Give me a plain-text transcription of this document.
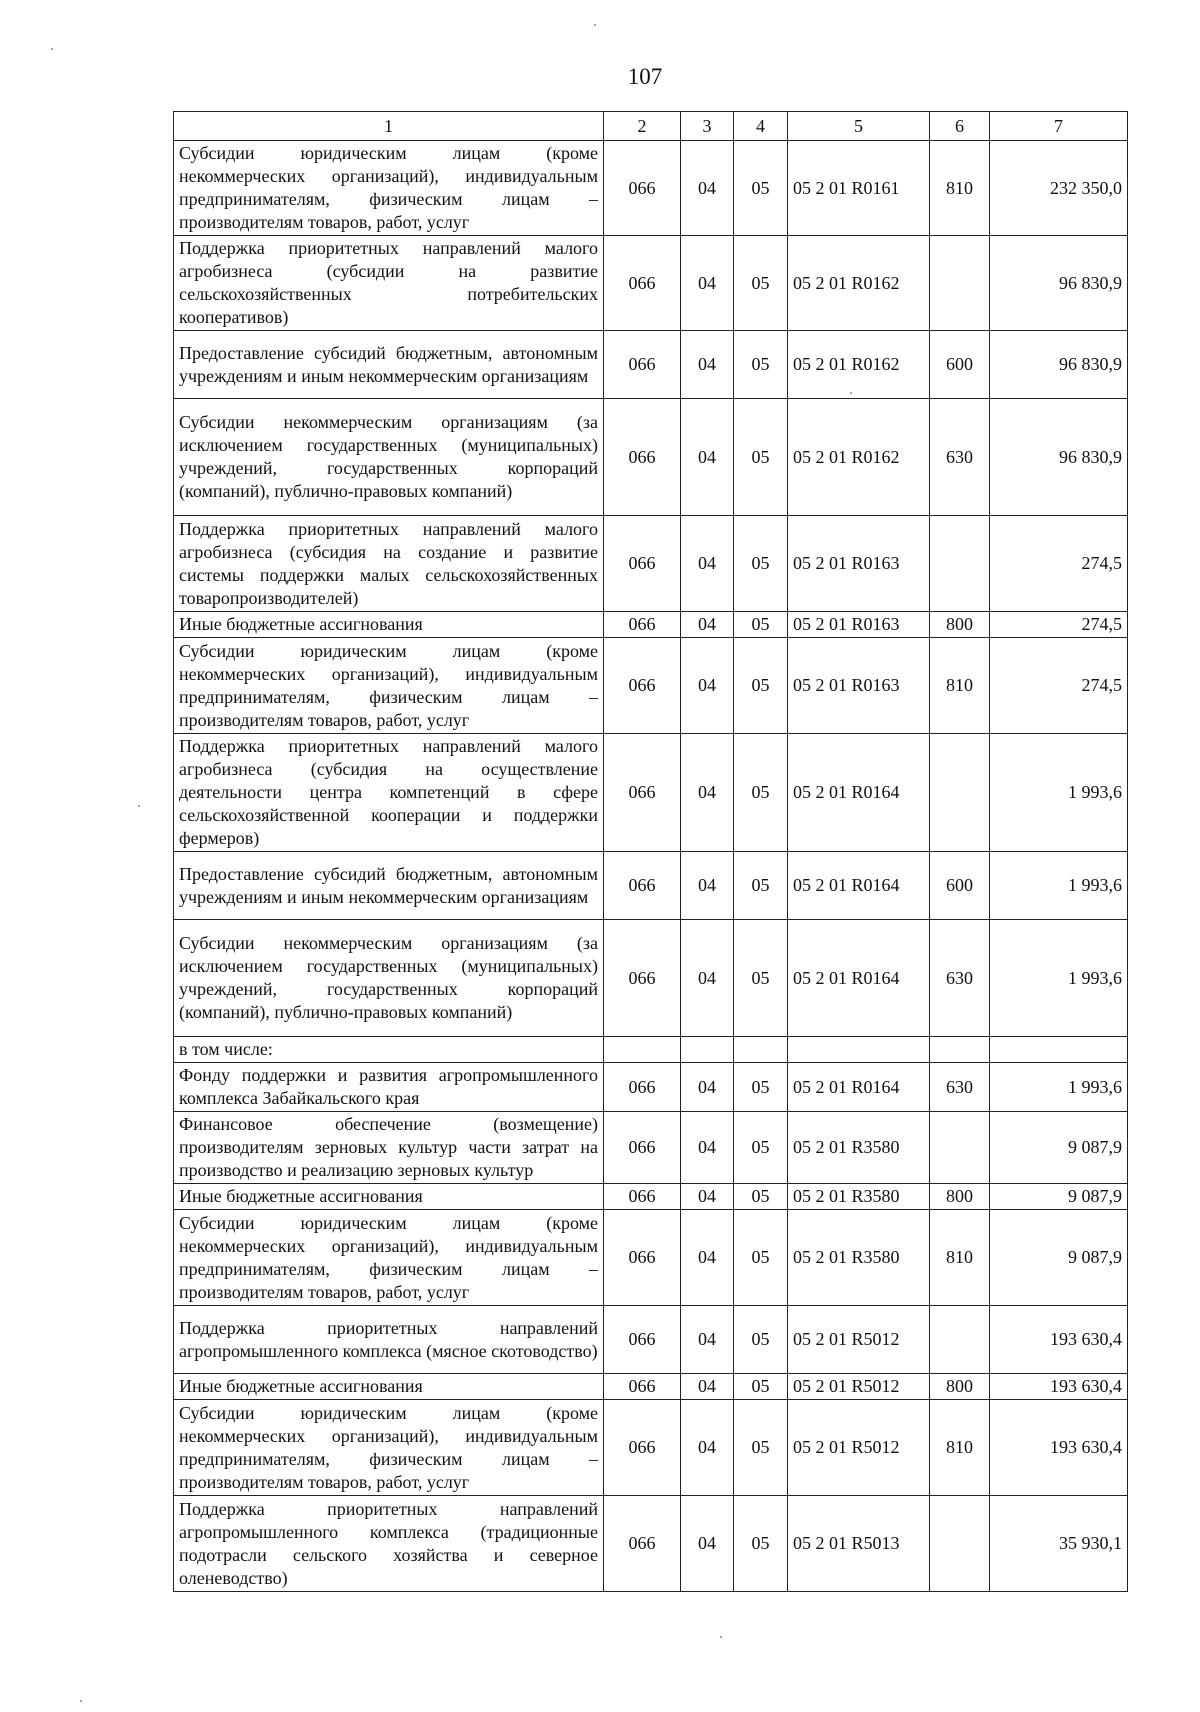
107
1	2	3	4	5	6	7
Субсидии юридическим лицам (кроме некоммерческих организаций), индивидуальным предпринимателям, физическим лицам – производителям товаров, работ, услуг	066	04	05	05 2 01 R0161	810	232 350,0
Поддержка приоритетных направлений малого агробизнеса (субсидии на развитие сельскохозяйственных потребительских кооперативов)	066	04	05	05 2 01 R0162		96 830,9
Предоставление субсидий бюджетным, автономным учреждениям и иным некоммерческим организациям	066	04	05	05 2 01 R0162	600	96 830,9
Субсидии некоммерческим организациям (за исключением государственных (муниципальных) учреждений, государственных корпораций (компаний), публично-правовых компаний)	066	04	05	05 2 01 R0162	630	96 830,9
Поддержка приоритетных направлений малого агробизнеса (субсидия на создание и развитие системы поддержки малых сельскохозяйственных товаропроизводителей)	066	04	05	05 2 01 R0163		274,5
Иные бюджетные ассигнования	066	04	05	05 2 01 R0163	800	274,5
Субсидии юридическим лицам (кроме некоммерческих организаций), индивидуальным предпринимателям, физическим лицам – производителям товаров, работ, услуг	066	04	05	05 2 01 R0163	810	274,5
Поддержка приоритетных направлений малого агробизнеса (субсидия на осуществление деятельности центра компетенций в сфере сельскохозяйственной кооперации и поддержки фермеров)	066	04	05	05 2 01 R0164		1 993,6
Предоставление субсидий бюджетным, автономным учреждениям и иным некоммерческим организациям	066	04	05	05 2 01 R0164	600	1 993,6
Субсидии некоммерческим организациям (за исключением государственных (муниципальных) учреждений, государственных корпораций (компаний), публично-правовых компаний)	066	04	05	05 2 01 R0164	630	1 993,6
в том числе:						
Фонду поддержки и развития агропромышленного комплекса Забайкальского края	066	04	05	05 2 01 R0164	630	1 993,6
Финансовое обеспечение (возмещение) производителям зерновых культур части затрат на производство и реализацию зерновых культур	066	04	05	05 2 01 R3580		9 087,9
Иные бюджетные ассигнования	066	04	05	05 2 01 R3580	800	9 087,9
Субсидии юридическим лицам (кроме некоммерческих организаций), индивидуальным предпринимателям, физическим лицам – производителям товаров, работ, услуг	066	04	05	05 2 01 R3580	810	9 087,9
Поддержка приоритетных направлений агропромышленного комплекса (мясное скотоводство)	066	04	05	05 2 01 R5012		193 630,4
Иные бюджетные ассигнования	066	04	05	05 2 01 R5012	800	193 630,4
Субсидии юридическим лицам (кроме некоммерческих организаций), индивидуальным предпринимателям, физическим лицам – производителям товаров, работ, услуг	066	04	05	05 2 01 R5012	810	193 630,4
Поддержка приоритетных направлений агропромышленного комплекса (традиционные подотрасли сельского хозяйства и северное оленеводство)	066	04	05	05 2 01 R5013		35 930,1
